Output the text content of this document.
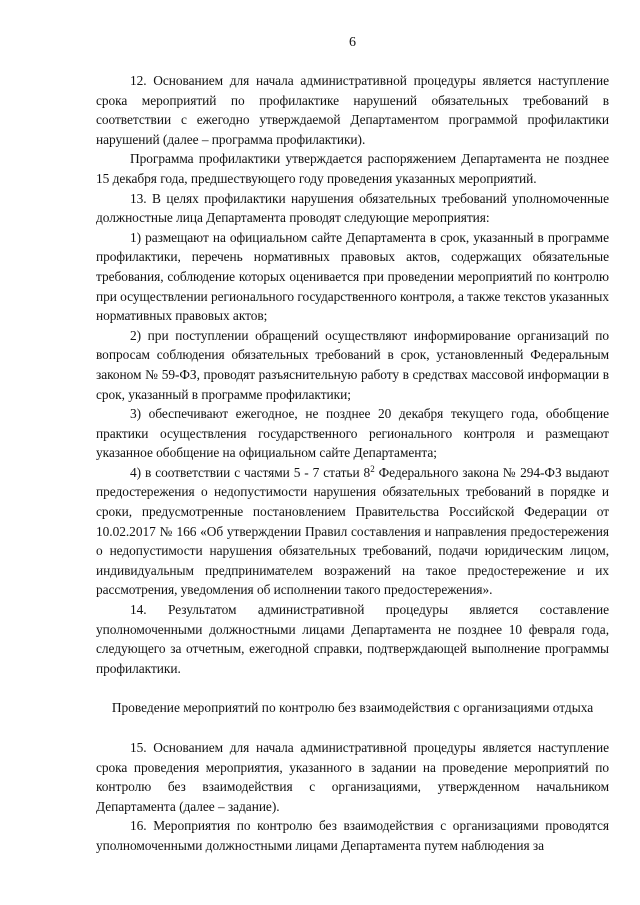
6

12. Основанием для начала административной процедуры является наступление срока мероприятий по профилактике нарушений обязательных требований в соответствии с ежегодно утверждаемой Департаментом программой профилактики нарушений (далее – программа профилактики).

Программа профилактики утверждается распоряжением Департамента не позднее 15 декабря года, предшествующего году проведения указанных мероприятий.

13. В целях профилактики нарушения обязательных требований уполномоченные должностные лица Департамента проводят следующие мероприятия:

1) размещают на официальном сайте Департамента в срок, указанный в программе профилактики, перечень нормативных правовых актов, содержащих обязательные требования, соблюдение которых оценивается при проведении мероприятий по контролю при осуществлении регионального государственного контроля, а также текстов указанных нормативных правовых актов;

2) при поступлении обращений осуществляют информирование организаций по вопросам соблюдения обязательных требований в срок, установленный Федеральным законом № 59-ФЗ, проводят разъяснительную работу в средствах массовой информации в срок, указанный в программе профилактики;

3) обеспечивают ежегодное, не позднее 20 декабря текущего года, обобщение практики осуществления государственного регионального контроля и размещают указанное обобщение на официальном сайте Департамента;

4) в соответствии с частями 5 - 7 статьи $8^2$ Федерального закона № 294-ФЗ выдают предостережения о недопустимости нарушения обязательных требований в порядке и сроки, предусмотренные постановлением Правительства Российской Федерации от 10.02.2017 № 166 «Об утверждении Правил составления и направления предостережения о недопустимости нарушения обязательных требований, подачи юридическим лицом, индивидуальным предпринимателем возражений на такое предостережение и их рассмотрения, уведомления об исполнении такого предостережения».

14. Результатом административной процедуры является составление уполномоченными должностными лицами Департамента не позднее 10 февраля года, следующего за отчетным, ежегодной справки, подтверждающей выполнение программы профилактики.

Проведение мероприятий по контролю без взаимодействия с организациями отдыха

15. Основанием для начала административной процедуры является наступление срока проведения мероприятия, указанного в задании на проведение мероприятий по контролю без взаимодействия с организациями, утвержденном начальником Департамента (далее – задание).

16. Мероприятия по контролю без взаимодействия с организациями проводятся уполномоченными должностными лицами Департамента путем наблюдения за
